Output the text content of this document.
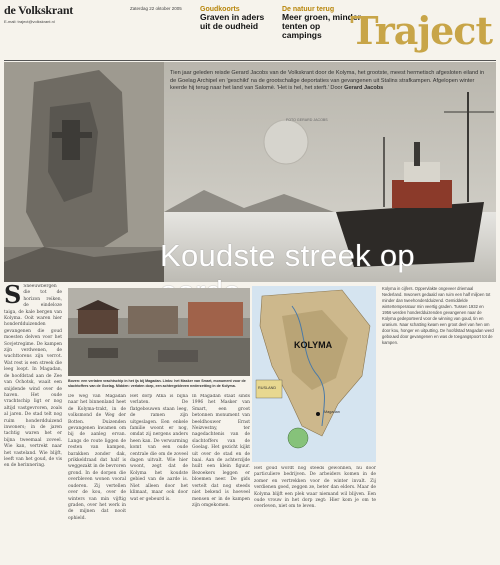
de Volkskrant
E-mail: traject@volkskrant.nl
Zaterdag 22 oktober 2005	Goudkoorts
Graven in aders uit de oudheid
De natuur terug
Meer groen, minder tenten op campings Traject
Tien jaar geleden reisde Gerard Jacobs van de Volkskrant door de Kolyma, het grootste, meest hermetisch afgesloten eiland in de Goelag Archipel en 'geschikt' na de grootschalige deportaties van gevangenen uit Stalins strafkampen. Afgelopen winter keerde hij terug naar het land van Salomè. 'Het is hel, het sterft.' Door Gerard Jacobs
FOTO GERARD JACOBS
Koudste streek op
S Sneeuwbergen die tot de horizon reiken, de eindeloze taiga, de kale bergen van Kolyma. Ooit waren hier honderdduizenden gevangenen die goud moesten delven voor het Sovjetregime. De kampen zijn verdwenen, de wachttorens zijn verrot. Wat rest is een streek die leeg loopt. In Magadan, de hoofdstad aan de Zee van Ochotsk, waait een snijdende wind over de haven. Het oude vrachtschip ligt er nog altijd vastgevroren, zoals al jaren. De stad telt nog ruim honderdduizend inwoners; in de jaren tachtig waren het er bijna tweemaal zoveel. Wie kan, vertrekt naar het vasteland. Wie blijft, leeft van het goud, de vis en de herinnering.
Boven: een verlaten vrachtschip in het ijs bij Magadan. Links: het Masker van Smart, monument voor de slachtoffers van de Goelag. Midden: verlaten dorp, een achtergebleven nederzetting in de Kolyma.
De weg van Magadan naar het binnenland heet de Kolyma-trakt, in de volksmond de Weg der Botten. Duizenden gevangenen kwamen om bij de aanleg ervan. Langs de route liggen de resten van kampen, barakken zonder dak, prikkeldraad dat half is weggezakt in de bevroren grond. In de dorpen die overbleven wonen vooral ouderen. Zij vertellen over de kou, over de winters van min vijftig graden, over het werk in de mijnen dat nooit ophield.
Het dorp Atka is bijna verlaten. De flatgebouwen staan leeg, de ramen zijn uitgeslagen. Een enkele familie woont er nog, omdat zij nergens anders heen kan. De verwarming komt van een oude centrale die om de zoveel dagen uitvalt. Wie hier woont, zegt dat de Kolyma het koudste gebied van de aarde is. Niet alleen door het klimaat, maar ook door wat er gebeurd is.
In Magadan staat sinds 1996 het Masker van Smart, een groot betonnen monument van beeldhouwer Ernst Neizvestny, ter nagedachtenis van de slachtoffers van de Goelag. Het gezicht kijkt uit over de stad en de baai. Aan de achterzijde huilt een klein figuur. Bezoekers leggen er bloemen neer. De gids vertelt dat nog steeds niet bekend is hoeveel mensen er in de kampen zijn omgekomen.
KOLYMA
Magadan
RUSLAND
Het goud wordt nog steeds gewonnen, nu door particuliere bedrijven. De arbeiders komen in de zomer en vertrekken voor de winter invalt. Zij verdienen goed, zeggen ze, beter dan elders. Maar de Kolyma blijft een plek waar niemand wil blijven. Een oude vrouw in het dorp zegt: Hier kom je om te overleven, niet om te leven.
Kolyma in cijfers. Oppervlakte ongeveer driemaal Nederland. Inwoners gedaald van ruim een half miljoen tot minder dan tweehonderdduizend. Gemiddelde wintertemperatuur min veertig graden. Tussen 1932 en 1956 werden honderdduizenden gevangenen naar de Kolyma gedeporteerd voor de winning van goud, tin en uranium. Naar schatting kwam een groot deel van hen om door kou, honger en uitputting. De hoofdstad Magadan werd gebouwd door gevangenen en was de toegangspoort tot de kampen.
